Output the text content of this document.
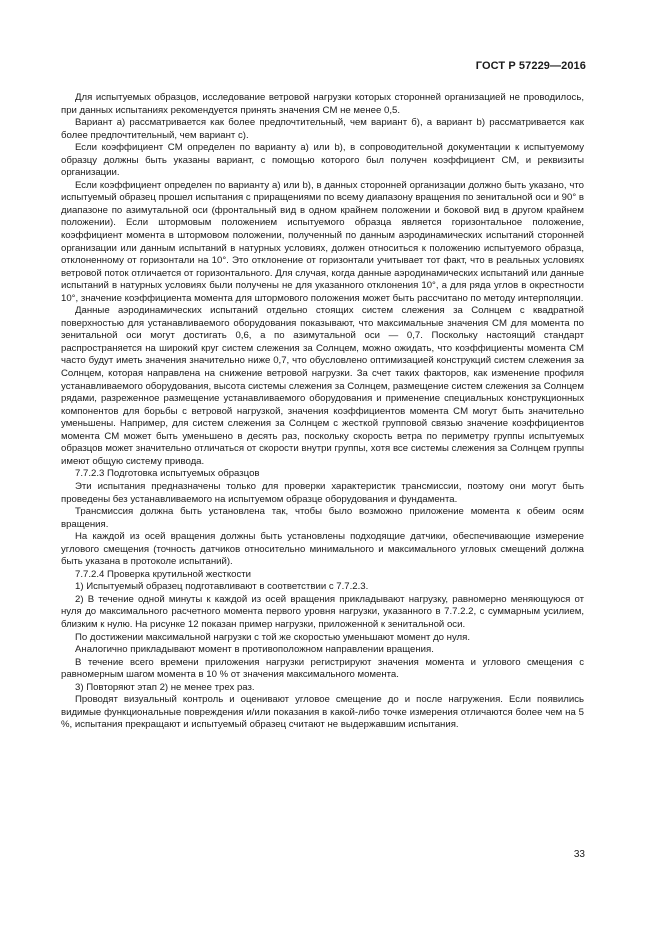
ГОСТ Р 57229—2016

Для испытуемых образцов, исследование ветровой нагрузки которых сторонней организацией не проводилось, при данных испытаниях рекомендуется принять значения CМ не менее 0,5.

Вариант а) рассматривается как более предпочтительный, чем вариант б), а вариант b) рассматривается как более предпочтительный, чем вариант с).

Если коэффициент CМ определен по варианту а) или b), в сопроводительной документации к испытуемому образцу должны быть указаны вариант, с помощью которого был получен коэффициент CМ, и реквизиты организации.

Если коэффициент определен по варианту а) или b), в данных сторонней организации должно быть указано, что испытуемый образец прошел испытания с приращениями по всему диапазону вращения по зенитальной оси и 90° в диапазоне по азимутальной оси (фронтальный вид в одном крайнем положении и боковой вид в другом крайнем положении). Если штормовым положением испытуемого образца является горизонтальное положение, коэффициент момента в штормовом положении, полученный по данным аэродинамических испытаний сторонней организации или данным испытаний в натурных условиях, должен относиться к положению испытуемого образца, отклоненному от горизонтали на 10°. Это отклонение от горизонтали учитывает тот факт, что в реальных условиях ветровой поток отличается от горизонтального. Для случая, когда данные аэродинамических испытаний или данные испытаний в натурных условиях были получены не для указанного отклонения 10°, а для ряда углов в окрестности 10°, значение коэффициента момента для штормового положения может быть рассчитано по методу интерполяции.

Данные аэродинамических испытаний отдельно стоящих систем слежения за Солнцем с квадратной поверхностью для устанавливаемого оборудования показывают, что максимальные значения CМ для момента по зенитальной оси могут достигать 0,6, а по азимутальной оси — 0,7. Поскольку настоящий стандарт распространяется на широкий круг систем слежения за Солнцем, можно ожидать, что коэффициенты момента CМ часто будут иметь значения значительно ниже 0,7, что обусловлено оптимизацией конструкций систем слежения за Солнцем, которая направлена на снижение ветровой нагрузки. За счет таких факторов, как изменение профиля устанавливаемого оборудования, высота системы слежения за Солнцем, размещение систем слежения за Солнцем рядами, разреженное размещение устанавливаемого оборудования и применение специальных конструкционных компонентов для борьбы с ветровой нагрузкой, значения коэффициентов момента CМ могут быть значительно уменьшены. Например, для систем слежения за Солнцем с жесткой групповой связью значение коэффициентов момента CМ может быть уменьшено в десять раз, поскольку скорость ветра по периметру группы испытуемых образцов может значительно отличаться от скорости внутри группы, хотя все системы слежения за Солнцем группы имеют общую систему привода.

7.7.2.3 Подготовка испытуемых образцов

Эти испытания предназначены только для проверки характеристик трансмиссии, поэтому они могут быть проведены без устанавливаемого на испытуемом образце оборудования и фундамента.

Трансмиссия должна быть установлена так, чтобы было возможно приложение момента к обеим осям вращения.

На каждой из осей вращения должны быть установлены подходящие датчики, обеспечивающие измерение углового смещения (точность датчиков относительно минимального и максимального угловых смещений должна быть указана в протоколе испытаний).

7.7.2.4 Проверка крутильной жесткости

1) Испытуемый образец подготавливают в соответствии с 7.7.2.3.

2) В течение одной минуты к каждой из осей вращения прикладывают нагрузку, равномерно меняющуюся от нуля до максимального расчетного момента первого уровня нагрузки, указанного в 7.7.2.2, с суммарным усилием, близким к нулю. На рисунке 12 показан пример нагрузки, приложенной к зенитальной оси.

По достижении максимальной нагрузки с той же скоростью уменьшают момент до нуля.

Аналогично прикладывают момент в противоположном направлении вращения.

В течение всего времени приложения нагрузки регистрируют значения момента и углового смещения с равномерным шагом момента в 10 % от значения максимального момента.

3) Повторяют этап 2) не менее трех раз.

Проводят визуальный контроль и оценивают угловое смещение до и после нагружения. Если появились видимые функциональные повреждения и/или показания в какой-либо точке измерения отличаются более чем на 5 %, испытания прекращают и испытуемый образец считают не выдержавшим испытания.

33
